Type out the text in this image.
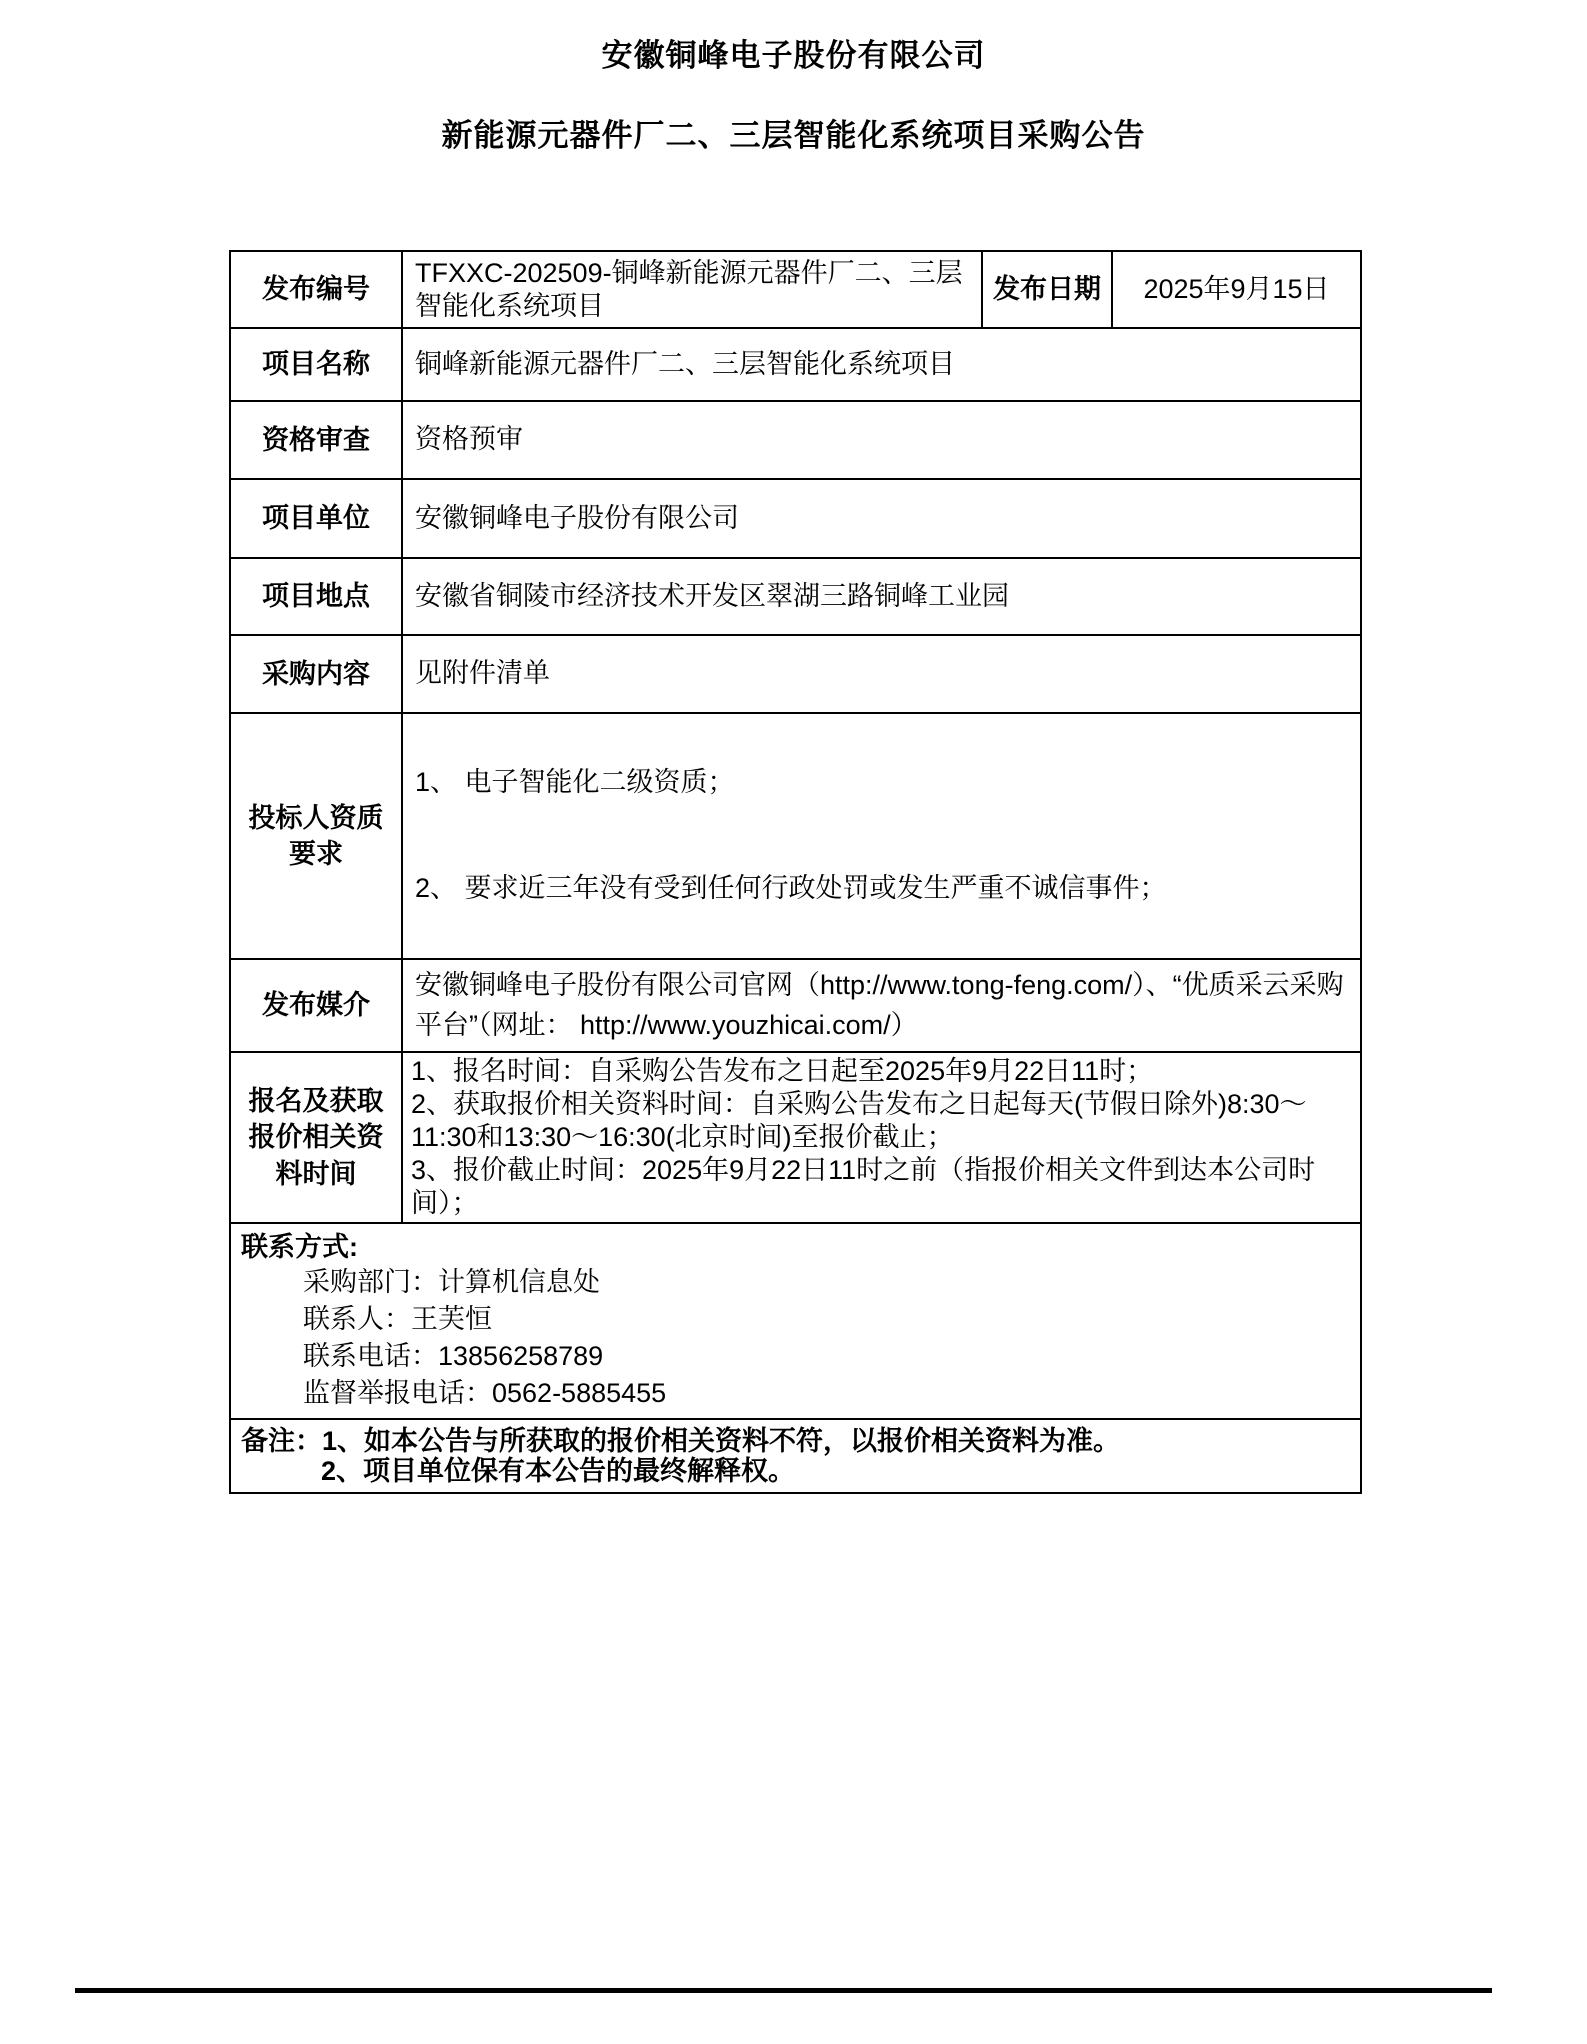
安徽铜峰电子股份有限公司
新能源元器件厂二、三层智能化系统项目采购公告
发布编号	TFXXC-202509-铜峰新能源元器件厂二、三层智能化系统项目	发布日期	2025年9月15日
项目名称	铜峰新能源元器件厂二、三层智能化系统项目		
资格审查	资格预审		
项目单位	安徽铜峰电子股份有限公司		
项目地点	安徽省铜陵市经济技术开发区翠湖三路铜峰工业园		
采购内容	见附件清单		
投标人资质要求	1、 电子智能化二级资质；

2、 要求近三年没有受到任何行政处罚或发生严重不诚信事件；		

发布媒介	安徽铜峰电子股份有限公司官网（http://www.tong-feng.com/）、“优质采云采购平台”（网址： http://www.youzhicai.com/）		
报名及获取报价相关资料时间	1、报名时间：自采购公告发布之日起至2025年9月22日11时；
2、获取报价相关资料时间：自采购公告发布之日起每天(节假日除外)8:30～11:30和13:30～16:30(北京时间)至报价截止；
3、报价截止时间：2025年9月22日11时之前（指报价相关文件到达本公司时间）；		

联系方式:
采购部门：计算机信息处
联系人：王芙恒
联系电话：13856258789
监督举报电话：0562-5885455			

备注：1、如本公告与所获取的报价相关资料不符，以报价相关资料为准。
2、项目单位保有本公告的最终解释权。			
